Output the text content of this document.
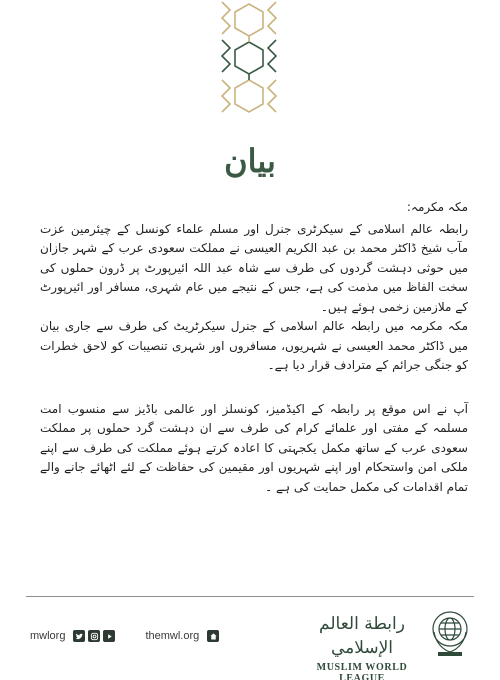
بیان

مکہ مکرمہ:

رابطہ عالم اسلامی کے سیکرٹری جنرل اور مسلم علماء کونسل کے چیئرمین عزت مآب شیخ ڈاکٹر محمد بن عبد الکریم العیسی نے مملکت سعودی عرب کے شہر جازان میں حوثی دہشت گردوں کی طرف سے شاہ عبد اللہ ائیرپورٹ پر ڈرون حملوں کی سخت الفاظ میں مذمت کی ہے، جس کے نتیجے میں عام شہری، مسافر اور ائیرپورٹ کے ملازمین زخمی ہوئے ہیں۔

مکہ مکرمہ میں رابطہ عالم اسلامی کے جنرل سیکرٹریٹ کی طرف سے جاری بیان میں ڈاکٹر محمد العیسی نے شہریوں، مسافروں اور شہری تنصیبات کو لاحق خطرات کو جنگی جرائم کے مترادف قرار دیا ہے۔

آپ نے اس موقع پر رابطہ کے اکیڈمیز، کونسلز اور عالمی باڈیز سے منسوب امت مسلمہ کے مفتی اور علمائے کرام کی طرف سے ان دہشت گرد حملوں پر مملکت سعودی عرب کے ساتھ مکمل یکجہتی کا اعادہ کرتے ہوئے مملکت کی طرف سے اپنے ملکی امن واستحکام اور اپنے شہریوں اور مقیمین کی حفاظت کے لئے اٹھائے جانے والے تمام اقدامات کی مکمل حمایت کی ہے ۔

mwlorg	themwl.org
رابطة العالم الإسلامي
MUSLIM WORLD LEAGUE
